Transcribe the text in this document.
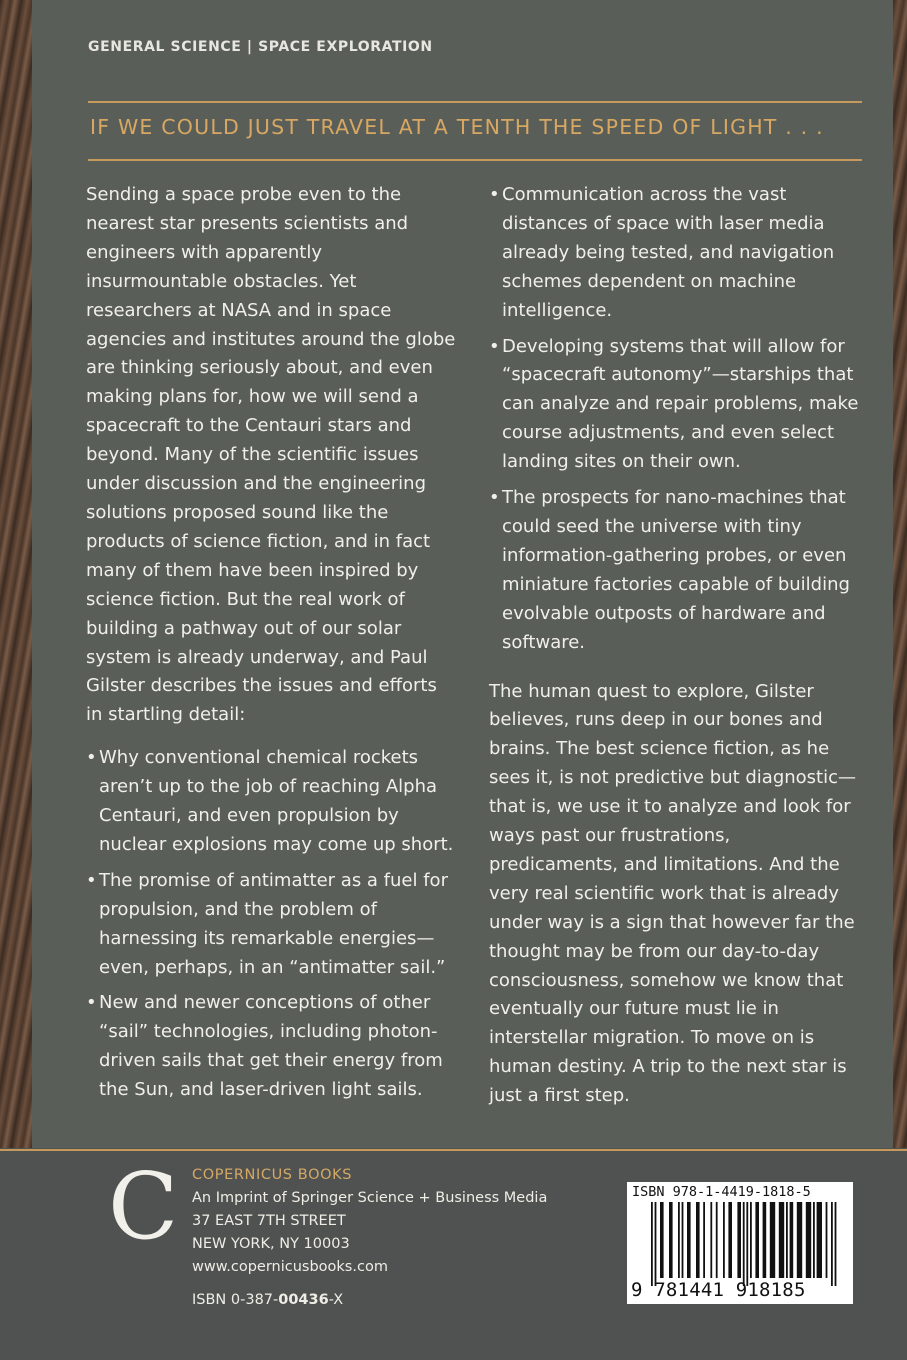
GENERAL SCIENCE | SPACE EXPLORATION
IF WE COULD JUST TRAVEL AT A TENTH THE SPEED OF LIGHT . . .

Sending a space probe even to the nearest star presents scientists and engineers with apparently insurmountable obstacles. Yet researchers at NASA and in space agencies and institutes around the globe are thinking seriously about, and even making plans for, how we will send a spacecraft to the Centauri stars and beyond. Many of the scientific issues under discussion and the engineering solutions proposed sound like the products of science fiction, and in fact many of them have been inspired by science fiction. But the real work of building a pathway out of our solar system is already underway, and Paul Gilster describes the issues and efforts in startling detail:

• Why conventional chemical rockets aren’t up to the job of reaching Alpha Centauri, and even propulsion by nuclear explosions may come up short.
• The promise of antimatter as a fuel for propulsion, and the problem of harnessing its remarkable energies—even, perhaps, in an “antimatter sail.”
• New and newer conceptions of other “sail” technologies, including photon-driven sails that get their energy from the Sun, and laser-driven light sails.
• Communication across the vast distances of space with laser media already being tested, and navigation schemes dependent on machine intelligence.
• Developing systems that will allow for “spacecraft autonomy”—starships that can analyze and repair problems, make course adjustments, and even select landing sites on their own.
• The prospects for nano-machines that could seed the universe with tiny information-gathering probes, or even miniature factories capable of building evolvable outposts of hardware and software.

The human quest to explore, Gilster believes, runs deep in our bones and brains. The best science fiction, as he sees it, is not predictive but diagnostic—that is, we use it to analyze and look for ways past our frustrations, predicaments, and limitations. And the very real scientific work that is already under way is a sign that however far the thought may be from our day-to-day consciousness, somehow we know that eventually our future must lie in interstellar migration. To move on is human destiny. A trip to the next star is just a first step.

C COPERNICUS BOOKS
An Imprint of Springer Science + Business Media
37 EAST 7TH STREET
NEW YORK, NY 10003
www.copernicusbooks.com
ISBN 0-387-00436-X
ISBN 978-1-4419-1818-5
9 781441 918185
